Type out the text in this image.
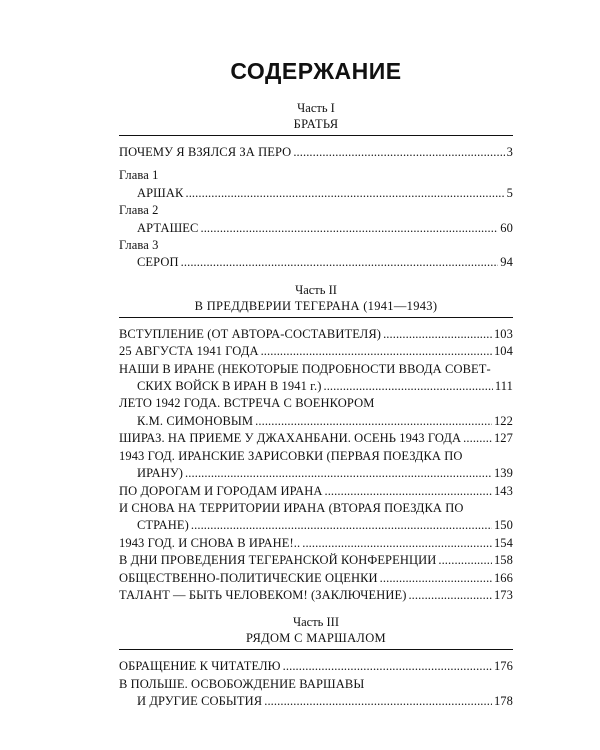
СОДЕРЖАНИЕ
Часть I
БРАТЬЯ
ПОЧЕМУ Я ВЗЯЛСЯ ЗА ПЕРО .....	3
Глава 1
АРШАК .....	5
Глава 2
АРТАШЕС .....	60
Глава 3
СЕРОП .....	94
Часть II
В ПРЕДДВЕРИИ ТЕГЕРАНА (1941—1943)
ВСТУПЛЕНИЕ (ОТ АВТОРА-СОСТАВИТЕЛЯ) .....	103
25 АВГУСТА 1941 ГОДА .....	104
НАШИ В ИРАНЕ (НЕКОТОРЫЕ ПОДРОБНОСТИ ВВОДА СОВЕТ-
СКИХ ВОЙСК В ИРАН В 1941 г.) .....	111
ЛЕТО 1942 ГОДА. ВСТРЕЧА С ВОЕНКОРОМ
К.М. СИМОНОВЫМ .....	122
ШИРАЗ. НА ПРИЕМЕ У ДЖАХАНБАНИ. ОСЕНЬ 1943 ГОДА .....	127
1943 ГОД. ИРАНСКИЕ ЗАРИСОВКИ (ПЕРВАЯ ПОЕЗДКА ПО
ИРАНУ) .....	139
ПО ДОРОГАМ И ГОРОДАМ ИРАНА .....	143
И СНОВА НА ТЕРРИТОРИИ ИРАНА (ВТОРАЯ ПОЕЗДКА ПО
СТРАНЕ) .....	150
1943 ГОД. И СНОВА В ИРАНЕ!.. .....	154
В ДНИ ПРОВЕДЕНИЯ ТЕГЕРАНСКОЙ КОНФЕРЕНЦИИ .....	158
ОБЩЕСТВЕННО-ПОЛИТИЧЕСКИЕ ОЦЕНКИ .....	166
ТАЛАНТ — БЫТЬ ЧЕЛОВЕКОМ! (ЗАКЛЮЧЕНИЕ) .....	173
Часть III
РЯДОМ С МАРШАЛОМ
ОБРАЩЕНИЕ К ЧИТАТЕЛЮ .....	176
В ПОЛЬШЕ. ОСВОБОЖДЕНИЕ ВАРШАВЫ
И ДРУГИЕ СОБЫТИЯ .....	178
